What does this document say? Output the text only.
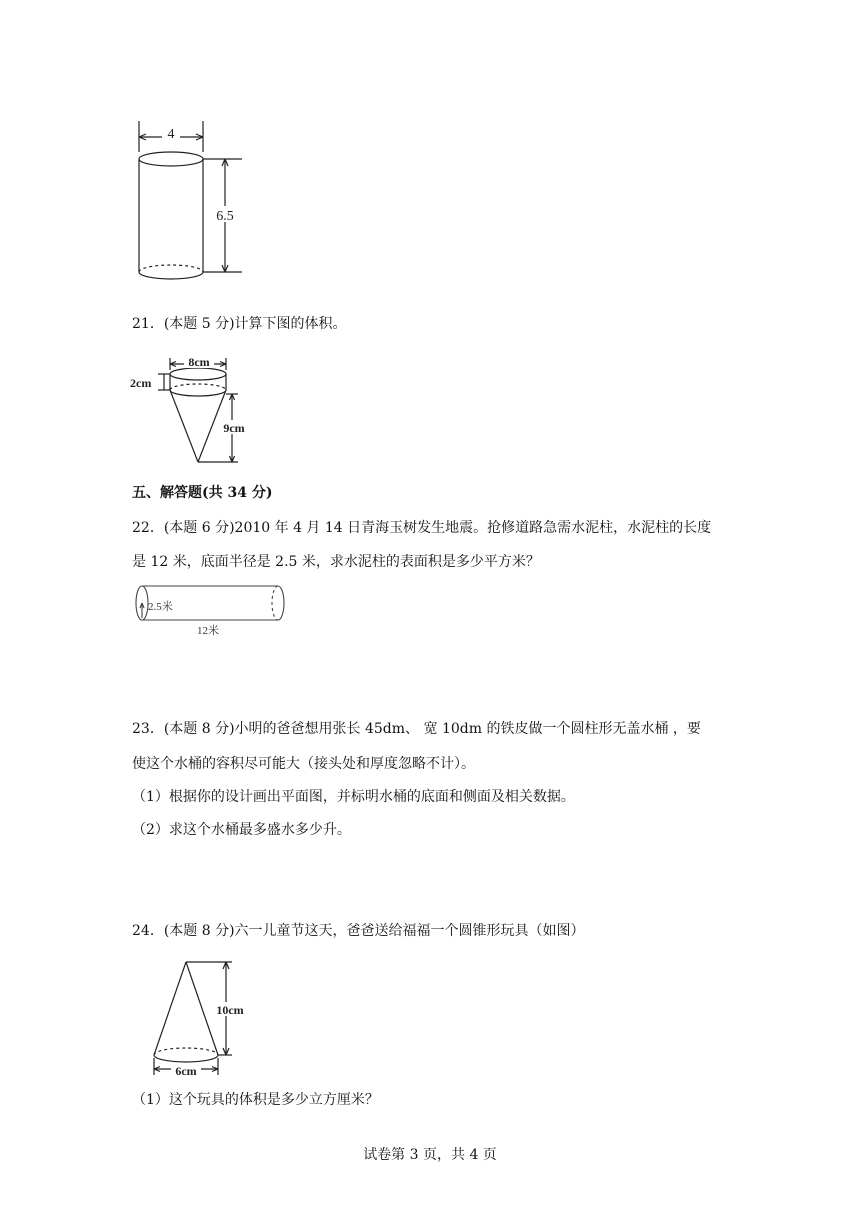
4
6.5
21．(本题 5 分)计算下图的体积。
8cm
2cm
9cm
五、解答题(共 34 分)
22．(本题 6 分)2010 年 4 月 14 日青海玉树发生地震。抢修道路急需水泥柱，水泥柱的长度
是 12 米，底面半径是 2.5 米，求水泥柱的表面积是多少平方米？
2.5米
12米
23．(本题 8 分)小明的爸爸想用张长 45dm、 宽 10dm 的铁皮做一个圆柱形无盖水桶 ，要
使这个水桶的容积尽可能大（接头处和厚度忽略不计）。
（1）根据你的设计画出平面图，并标明水桶的底面和侧面及相关数据。
（2）求这个水桶最多盛水多少升。
24．(本题 8 分)六一儿童节这天，爸爸送给福福一个圆锥形玩具（如图）
10cm
6cm
（1）这个玩具的体积是多少立方厘米？
试卷第 3 页，共 4 页
